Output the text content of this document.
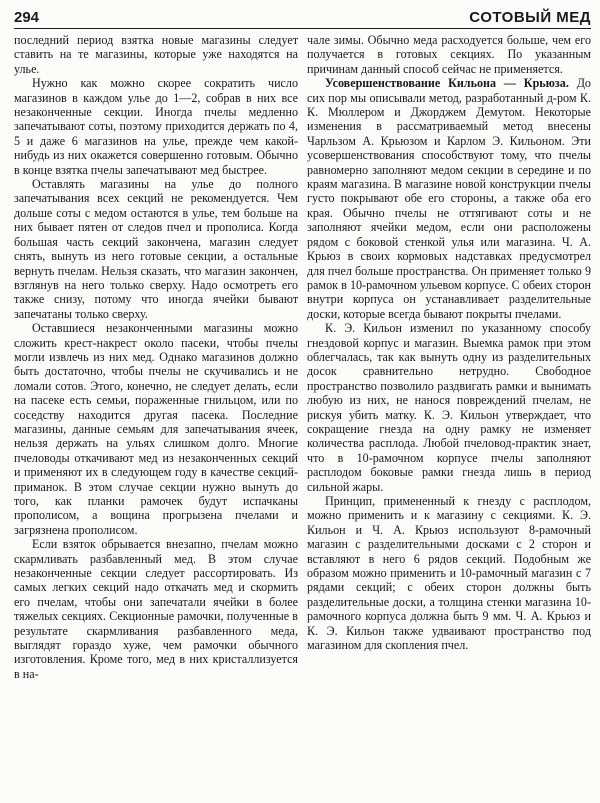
294	СОТОВЫЙ МЕД

последний период взятка новые магазины следует ставить на те магазины, которые уже находятся на улье.

Нужно как можно скорее сократить число магазинов в каждом улье до 1—2, собрав в них все незаконченные секции. Иногда пчелы медленно запечатывают соты, поэтому приходится держать по 4, 5 и даже 6 магазинов на улье, прежде чем какой-нибудь из них окажется совершенно готовым. Обычно в конце взятка пчелы запечатывают мед быстрее.

Оставлять магазины на улье до полного запечатывания всех секций не рекомендуется. Чем дольше соты с медом остаются в улье, тем больше на них бывает пятен от следов пчел и прополиса. Когда большая часть секций закончена, магазин следует снять, вынуть из него готовые секции, а остальные вернуть пчелам. Нельзя сказать, что магазин закончен, взглянув на него только сверху. Надо осмотреть его также снизу, потому что иногда ячейки бывают запечатаны только сверху.

Оставшиеся незаконченными магазины можно сложить крест-накрест около пасеки, чтобы пчелы могли извлечь из них мед. Однако магазинов должно быть достаточно, чтобы пчелы не скучивались и не ломали сотов. Этого, конечно, не следует делать, если на пасеке есть семьи, пораженные гнильцом, или по соседству находится другая пасека. Последние магазины, данные семьям для запечатывания ячеек, нельзя держать на ульях слишком долго. Многие пчеловоды откачивают мед из незаконченных секций и применяют их в следующем году в качестве секций-приманок. В этом случае секции нужно вынуть до того, как планки рамочек будут испачканы прополисом, а вощина прогрызена пчелами и загрязнена прополисом.

Если взяток обрывается внезапно, пчелам можно скармливать разбавленный мед. В этом случае незаконченные секции следует рассортировать. Из самых легких секций надо откачать мед и скормить его пчелам, чтобы они запечатали ячейки в более тяжелых секциях. Секционные рамочки, полученные в результате скармливания разбавленного меда, выглядят гораздо хуже, чем рамочки обычного изготовления. Кроме того, мед в них кристаллизуется в на-

чале зимы. Обычно меда расходуется больше, чем его получается в готовых секциях. По указанным причинам данный способ сейчас не применяется.

Усовершенствование Кильона — Крьюза. До сих пор мы описывали метод, разработанный д-ром К. К. Мюллером и Джорджем Демутом. Некоторые изменения в рассматриваемый метод внесены Чарльзом А. Крьюзом и Карлом Э. Кильоном. Эти усовершенствования способствуют тому, что пчелы равномерно заполняют медом секции в середине и по краям магазина. В магазине новой конструкции пчелы густо покрывают обе его стороны, а также оба его края. Обычно пчелы не оттягивают соты и не заполняют ячейки медом, если они расположены рядом с боковой стенкой улья или магазина. Ч. А. Крьюз в своих кормовых надставках предусмотрел для пчел больше пространства. Он применяет только 9 рамок в 10-рамочном ульевом корпусе. С обеих сторон внутри корпуса он устанавливает разделительные доски, которые всегда бывают покрыты пчелами.

К. Э. Кильон изменил по указанному способу гнездовой корпус и магазин. Выемка рамок при этом облегчалась, так как вынуть одну из разделительных досок сравнительно нетрудно. Свободное пространство позволило раздвигать рамки и вынимать любую из них, не нанося повреждений пчелам, не рискуя убить матку. К. Э. Кильон утверждает, что сокращение гнезда на одну рамку не изменяет количества расплода. Любой пчеловод-практик знает, что в 10-рамочном корпусе пчелы заполняют расплодом боковые рамки гнезда лишь в период сильной жары.

Принцип, примененный к гнезду с расплодом, можно применить и к магазину с секциями. К. Э. Кильон и Ч. А. Крьюз используют 8-рамочный магазин с разделительными досками с 2 сторон и вставляют в него 6 рядов секций. Подобным же образом можно применить и 10-рамочный магазин с 7 рядами секций; с обеих сторон должны быть разделительные доски, а толщина стенки магазина 10-рамочного корпуса должна быть 9 мм. Ч. А. Крьюз и К. Э. Кильон также удваивают пространство под магазином для скопления пчел.
